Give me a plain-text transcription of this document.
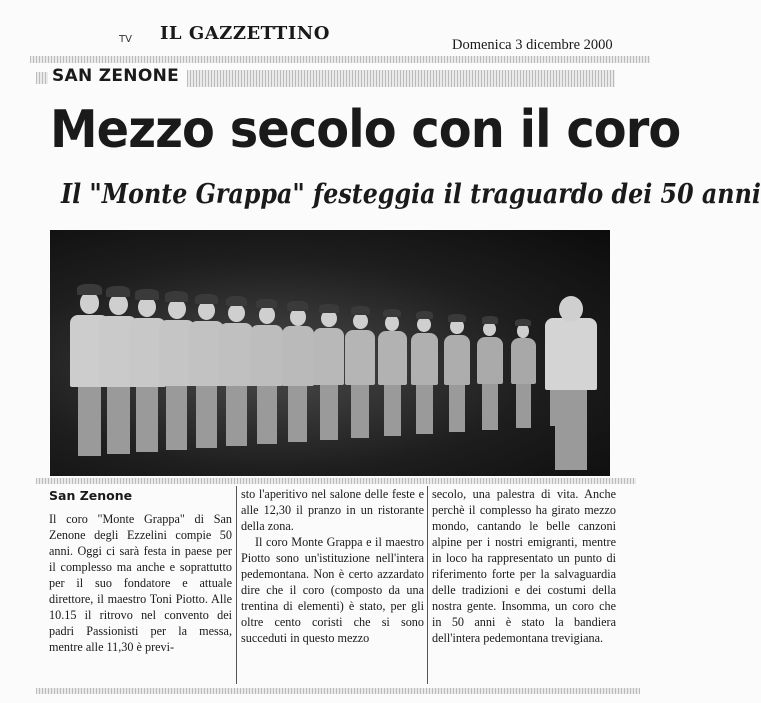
TV IL GAZZETTINO
Domenica 3 dicembre 2000
SAN ZENONE
Mezzo secolo con il coro
Il "Monte Grappa" festeggia il traguardo dei 50 anni
San Zenone

Il coro "Monte Grappa" di San Zenone degli Ezzelini compie 50 anni. Oggi ci sarà festa in paese per il complesso ma anche e soprattutto per il suo fondatore e attuale direttore, il maestro Toni Piotto. Alle 10.15 il ritrovo nel convento dei padri Passionisti per la messa, mentre alle 11,30 è previ-

sto l'aperitivo nel salone delle feste e alle 12,30 il pranzo in un ristorante della zona.

Il coro Monte Grappa e il maestro Piotto sono un'istituzione nell'intera pedemontana. Non è certo azzardato dire che il coro (composto da una trentina di elementi) è stato, per gli oltre cento coristi che si sono succeduti in questo mezzo

secolo, una palestra di vita. Anche perchè il complesso ha girato mezzo mondo, cantando le belle canzoni alpine per i nostri emigranti, mentre in loco ha rappresentato un punto di riferimento forte per la salvaguardia delle tradizioni e dei costumi della nostra gente. Insomma, un coro che in 50 anni è stato la bandiera dell'intera pedemontana trevigiana.
